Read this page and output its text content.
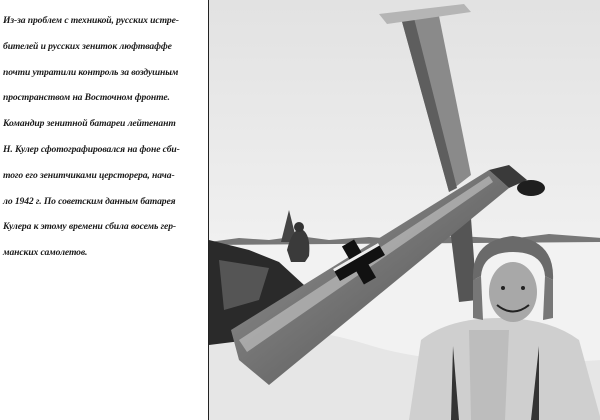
Из-за проблем с техникой, русских истре-

бителей и русских зениток люфтваффе

почти утратили контроль за воздушным

пространством на Восточном фронте.

Командир зенитной батареи лейтенант

Н. Кулер сфотографировался на фоне сби-

того его зенитчиками церсторера, нача-

ло 1942 г. По советским данным батарея

Кулера к этому времени сбила восемь гер-

манских самолетов.
